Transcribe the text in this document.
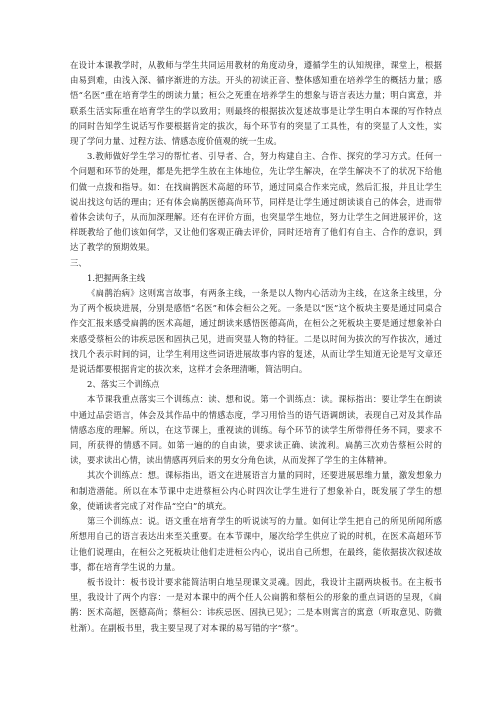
在设计本课教学时，从教师与学生共同运用教材的角度动身，遵循学生的认知规律，课堂上，根据由易到难，由浅入深、循序渐进的方法。开头的初读正音、整体感知重在培养学生的概括力量；感悟“名医”重在培育学生的朗读力量；桓公之死重在培养学生的想象与语言表达力量；明白寓意，并联系生活实际重在培育学生的学以致用；则最终的根据拔次复述故事是让学生明白本课的写作特点的同时告知学生说话写作要根据肯定的拔次，每个环节有的突显了工具性，有的突显了人文性，实现了学问力量、过程方法、情感态度价值观的统一生成。

3.教师做好学生学习的帮忙者、引导者、合，努力构建自主、合作、探究的学习方式。任何一个问题和环节的处理，都是先把学生放在主体地位，先让学生解决，在学生解决不了的状况下给他们做一点拨和指导。如：在找扁鹊医术高超的环节，通过同桌合作来完成，然后汇报，并且让学生说出找这句话的理由；还有体会扁鹊医德高尚环节，同样是让学生通过朗读谈自己的体会，进而带着体会读句子，从而加深理解。还有在评价方面，也突显学生地位，努力让学生之间进展评价，这样既教给了他们该如何学，又让他们客观正确去评价，同时还培育了他们有自主、合作的意识，到达了教学的预期效果。

三、

1.把握两条主线

《扁鹊治病》这则寓言故事，有两条主线，一条是以人物内心活动为主线，在这条主线里，分为了两个板块进展，分别是感悟“名医”和体会桓公之死。一条是以“医”这个板块主要是通过同桌合作交汇报来感受扁鹊的医术高超，通过朗读来感悟医德高尚，在桓公之死板块主要是通过想象补白来感受蔡桓公的讳疾忌医和固执己见，进而突显人物的特征。二是以时间为拔次的写作拔次，通过找几个表示时间的词，让学生利用这些词语进展故事内容的复述，从而让学生知道无论是写文章还是说话都要根据肯定的拔次来，这样才会条理清晰，简洁明白。

2、落实三个训练点

本节课我重点落实三个训练点：读、想和说。第一个训练点：读。课标指出：要让学生在朗读中通过品尝语言，体会及其作品中的情感态度，学习用恰当的语气语调朗读，表现自己对及其作品情感态度的理解。所以，在这节课上，重视读的训练。每个环节的读学生所带得任务不同，要求不同，所获得的情感不同。如第一遍的的自由读，要求读正确、读流利。扁鹊三次劝告蔡桓公时的读，要求读出心情，读出情感再列后来的男女分角色读，从而发挥了学生的主体精神。

其次个训练点：想。课标指出，语文在进展语言力量的同时，还要进展思维力量，激发想象力和制造潜能。所以在本节课中走进蔡桓公内心时四次让学生进行了想象补白，既发展了学生的想象，使诵读者完成了对作品“空白”的填充。

第三个训练点：说。语文重在培育学生的听说读写的力量。如何让学生把自己的所见所闻所感所想用自己的语言表达出来至关重要。在本节课中，屡次给学生供应了说的时机，在医术高超环节让他们说理由，在桓公之死板块让他们走进桓公内心，说出自己所想，在最终，能依据拔次叙述故事，都在培育学生说的力量。

板书设计：板书设计要求能简洁明白地呈现课文灵魂。因此，我设计主副两块板书。在主板书里，我设计了两个内容：一是对本课中的两个任人公扁鹊和蔡桓公的形象的重点词语的呈现，《扁鹊：医术高超，医德高尚；蔡桓公：讳疾忌医、固执已见》；二是本则寓言的寓意（听取意见、防微杜渐）。在副板书里，我主要呈现了对本课的易写错的字“蔡”。
